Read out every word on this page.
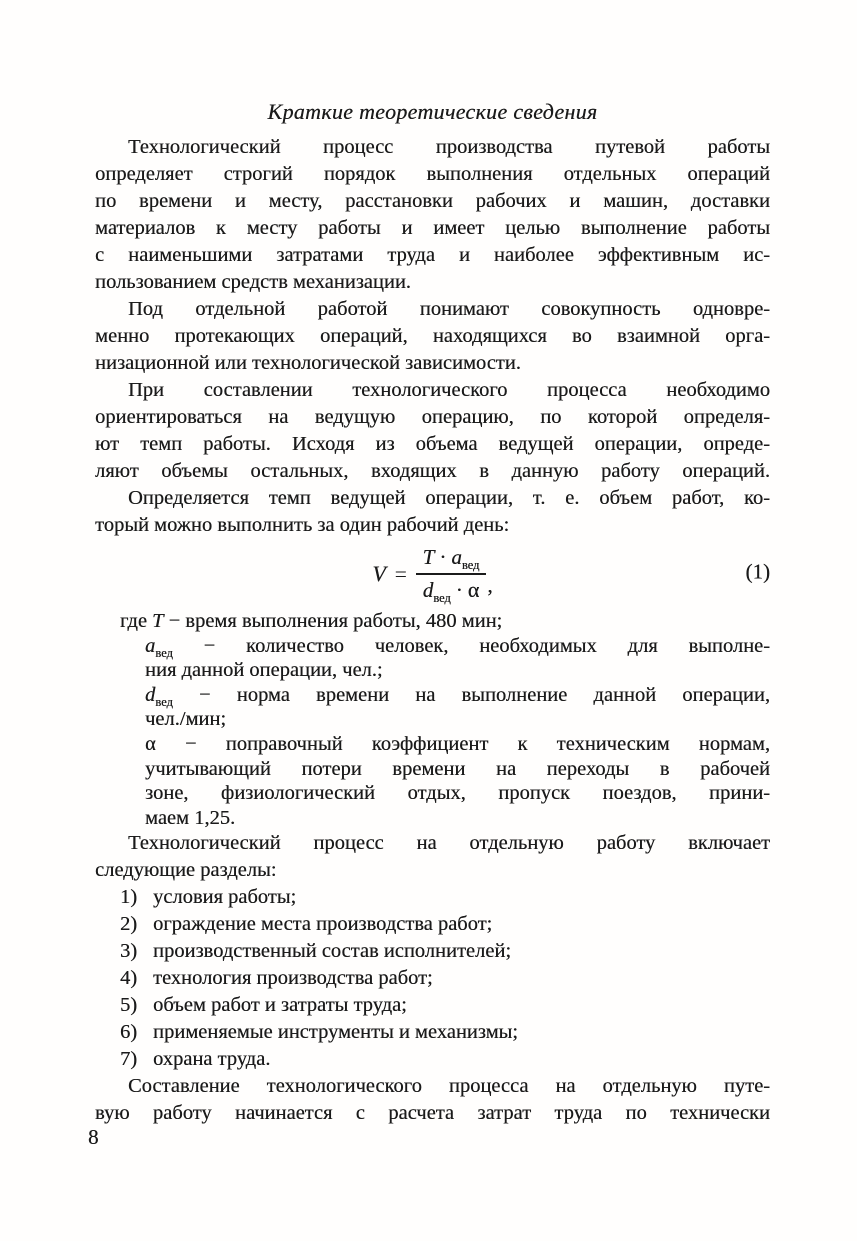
Краткие теоретические сведения
Технологический процесс производства путевой работы
определяет строгий порядок выполнения отдельных операций
по времени и месту, расстановки рабочих и машин, доставки
материалов к месту работы и имеет целью выполнение работы
с наименьшими затратами труда и наиболее эффективным ис-
пользованием средств механизации.
Под отдельной работой понимают совокупность одновре-
менно протекающих операций, находящихся во взаимной орга-
низационной или технологической зависимости.
При составлении технологического процесса необходимо
ориентироваться на ведущую операцию, по которой определя-
ют темп работы. Исходя из объема ведущей операции, опреде-
ляют объемы остальных, входящих в данную работу операций.
Определяется темп ведущей операции, т. е. объем работ, ко-
торый можно выполнить за один рабочий день:
$V = \frac{T \cdot a_{вед}}{d_{вед} \cdot \alpha}$ ,
(1)
где T − время выполнения работы, 480 мин;
$a_{вед}$ − количество человек, необходимых для выполне-
ния данной операции, чел.;
$d_{вед}$ − норма времени на выполнение данной операции,
чел./мин;
α − поправочный коэффициент к техническим нормам,
учитывающий потери времени на переходы в рабочей
зоне, физиологический отдых, пропуск поездов, прини-
маем 1,25.
Технологический процесс на отдельную работу включает
следующие разделы:
1) условия работы;
2) ограждение места производства работ;
3) производственный состав исполнителей;
4) технология производства работ;
5) объем работ и затраты труда;
6) применяемые инструменты и механизмы;
7) охрана труда.
Составление технологического процесса на отдельную путе-
вую работу начинается с расчета затрат труда по технически
8
